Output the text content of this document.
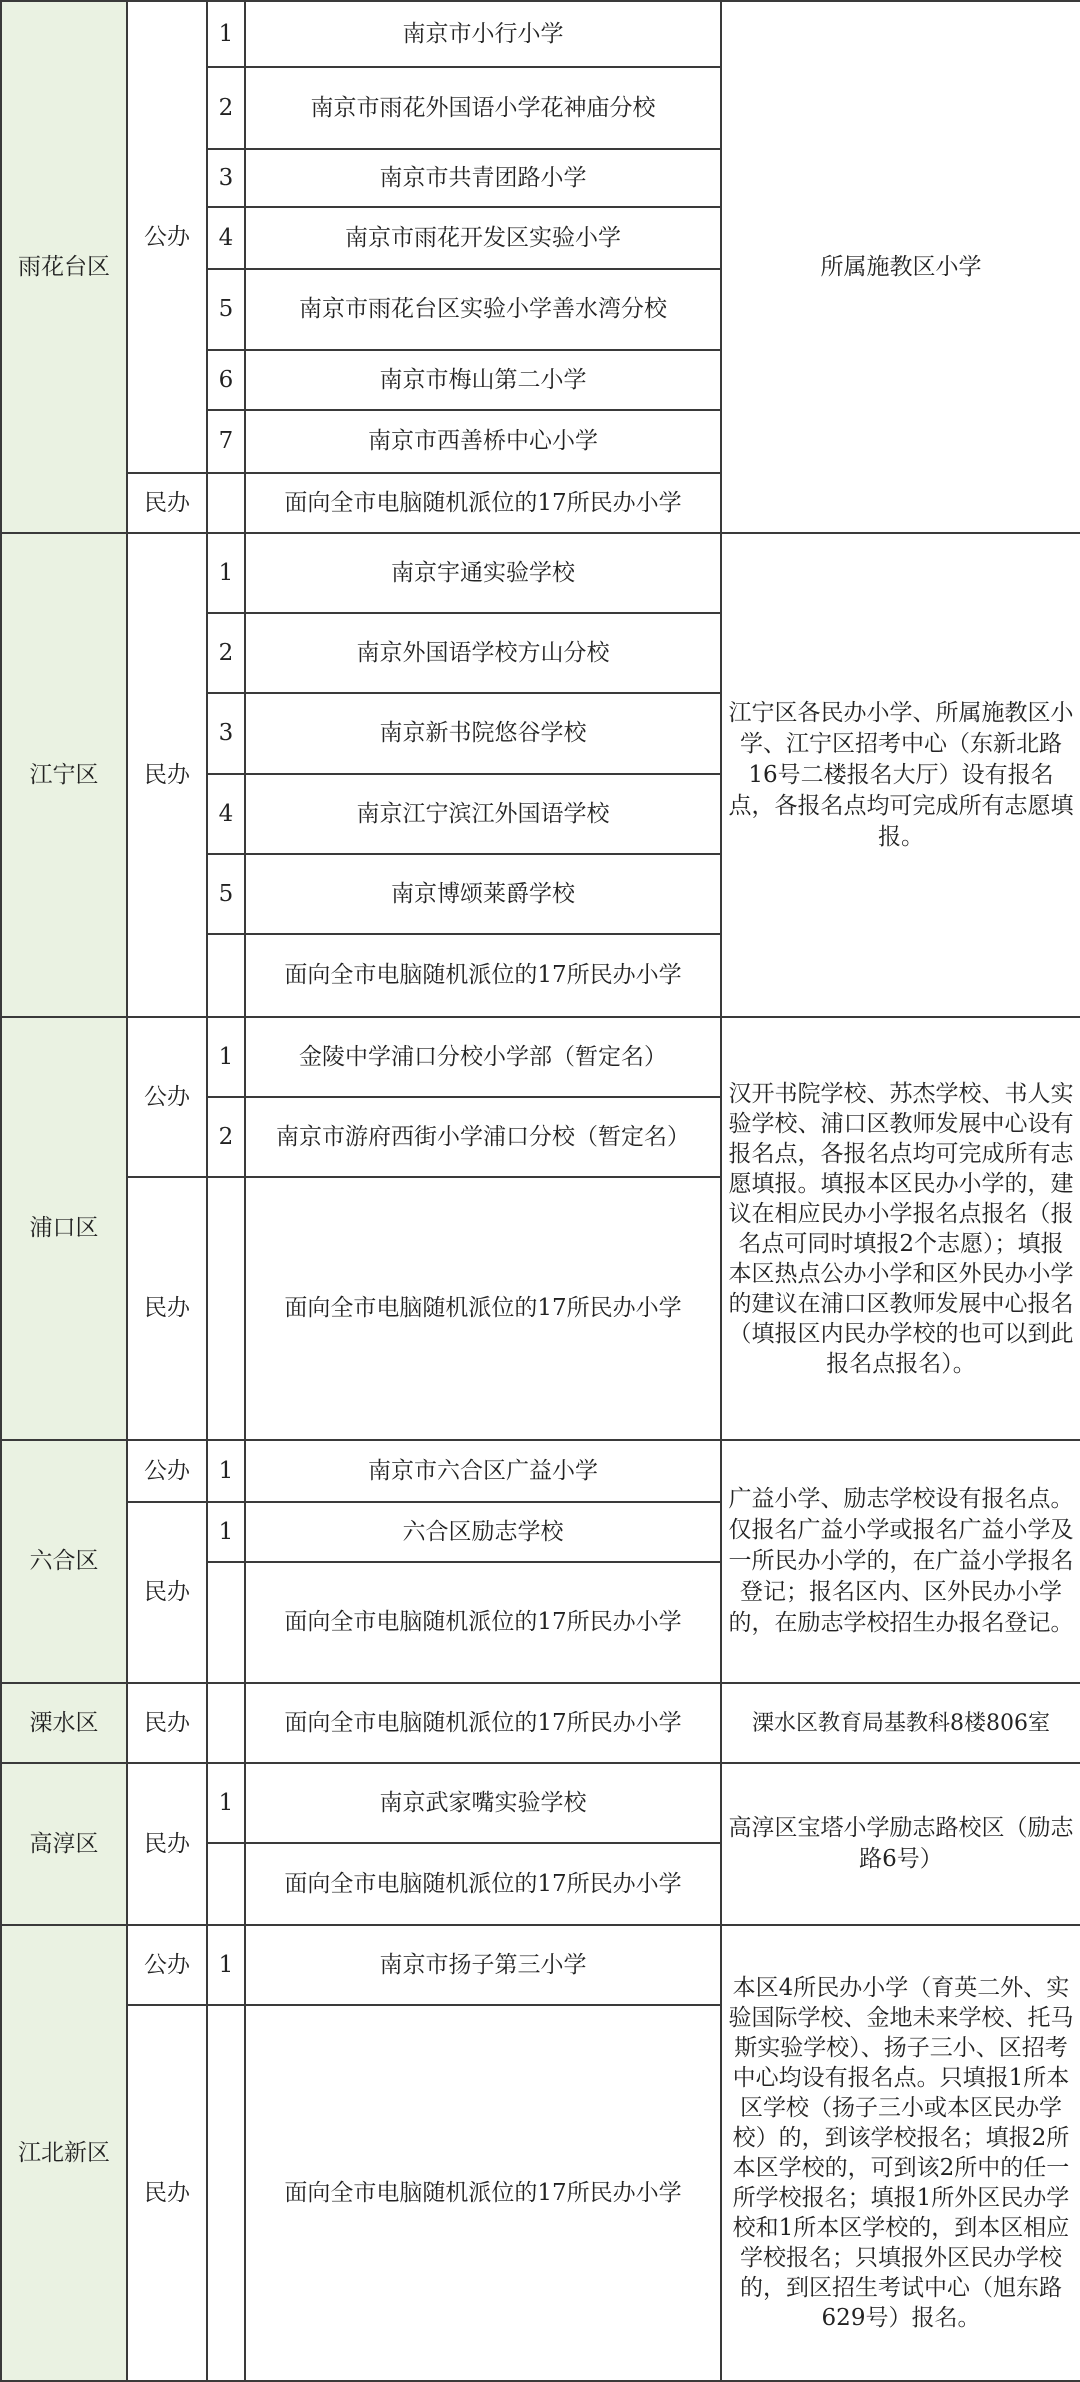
雨花台区	公办	1	南京市小行小学	所属施教区小学
		2	南京市雨花外国语小学花神庙分校	
		3	南京市共青团路小学	
		4	南京市雨花开发区实验小学	
		5	南京市雨花台区实验小学善水湾分校	
		6	南京市梅山第二小学	
		7	南京市西善桥中心小学	
	民办		面向全市电脑随机派位的17所民办小学	
江宁区	民办	1	南京宇通实验学校	江宁区各民办小学、所属施教区小学、江宁区招考中心（东新北路16号二楼报名大厅）设有报名点，各报名点均可完成所有志愿填报。
		2	南京外国语学校方山分校	
		3	南京新书院悠谷学校	
		4	南京江宁滨江外国语学校	
		5	南京博颂莱爵学校	
			面向全市电脑随机派位的17所民办小学	
浦口区	公办	1	金陵中学浦口分校小学部（暂定名）	汉开书院学校、苏杰学校、书人实验学校、浦口区教师发展中心设有报名点，各报名点均可完成所有志愿填报。填报本区民办小学的，建议在相应民办小学报名点报名（报名点可同时填报2个志愿）；填报本区热点公办小学和区外民办小学的建议在浦口区教师发展中心报名（填报区内民办学校的也可以到此报名点报名）。
		2	南京市游府西街小学浦口分校（暂定名）	
	民办		面向全市电脑随机派位的17所民办小学	
六合区	公办	1	南京市六合区广益小学	广益小学、励志学校设有报名点。仅报名广益小学或报名广益小学及一所民办小学的，在广益小学报名登记；报名区内、区外民办小学的，在励志学校招生办报名登记。
	民办	1	六合区励志学校	
			面向全市电脑随机派位的17所民办小学	
溧水区	民办		面向全市电脑随机派位的17所民办小学	溧水区教育局基教科8楼806室
高淳区	民办	1	南京武家嘴实验学校	高淳区宝塔小学励志路校区（励志路6号）
			面向全市电脑随机派位的17所民办小学	
江北新区	公办	1	南京市扬子第三小学	本区4所民办小学（育英二外、实验国际学校、金地未来学校、托马斯实验学校）、扬子三小、区招考中心均设有报名点。只填报1所本区学校（扬子三小或本区民办学校）的，到该学校报名；填报2所本区学校的，可到该2所中的任一所学校报名；填报1所外区民办学校和1所本区学校的，到本区相应学校报名；只填报外区民办学校的，到区招生考试中心（旭东路629号）报名。
	民办		面向全市电脑随机派位的17所民办小学	
